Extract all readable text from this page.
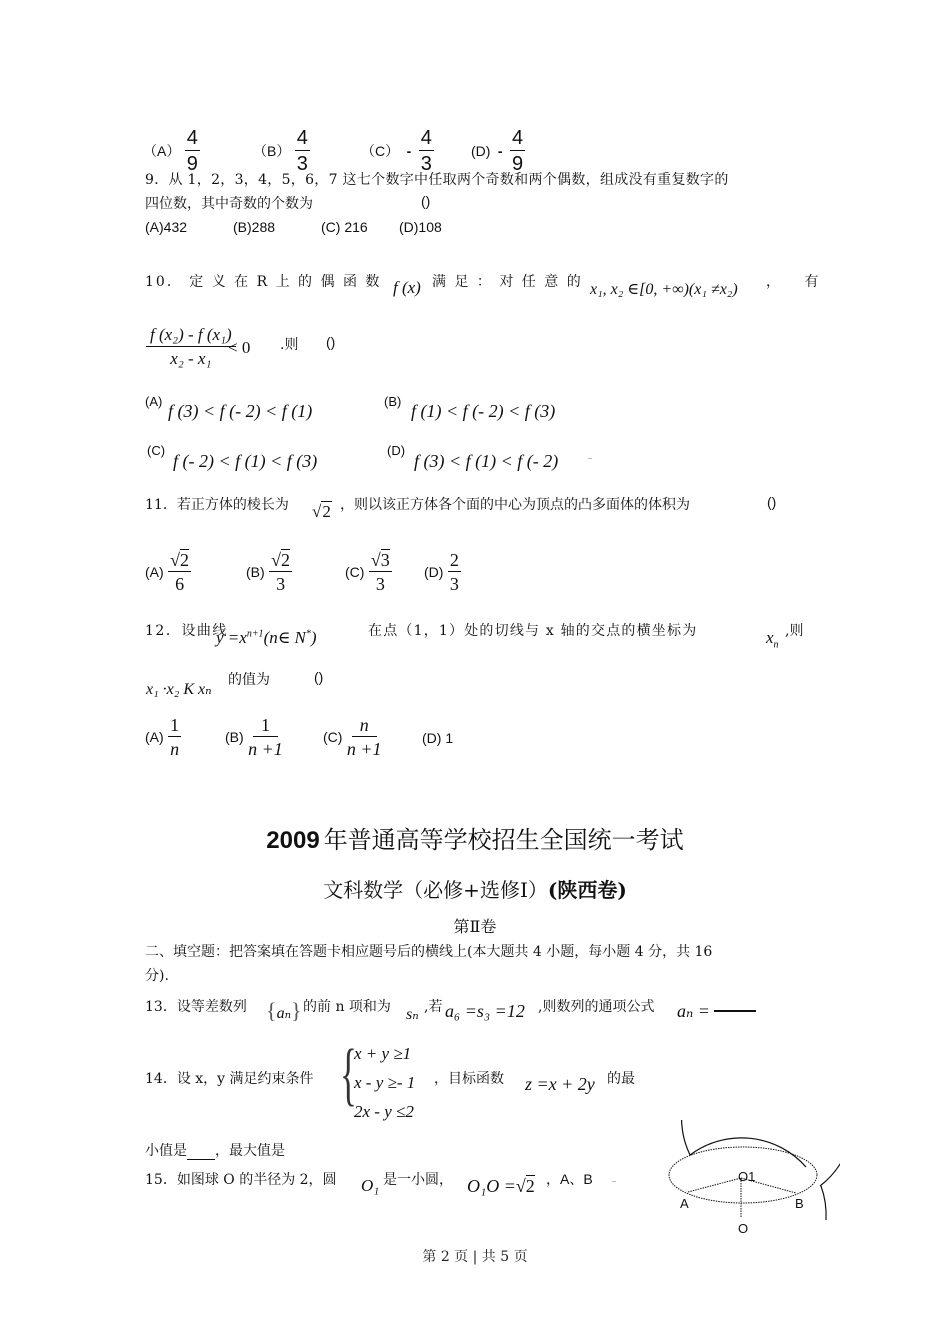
$(A) \frac{4}{9}$	$(B) \frac{4}{3}$	$(C) - \frac{4}{3}$	$(D) - \frac{4}{9}$
9．从 1，2，3，4，5，6，7 这七个数字中任取两个奇数和两个偶数，组成没有重复数字的
四位数，其中奇数的个数为	()
(A)432	(B)288	(C) 216 (D)108
10． 定 义 在 R 上 的 偶 函 数 f (x) 满 足 ： 对 任 意 的 x₁, x₂ ∈[0, +∞)(x₁ ≠x₂) ， 有
$\frac{\text{f (x₂) - f (x₁)}}{\text{x₂ - x₁}}$
< 0 .则 ()
(A) f (3) < f (- 2) < f (1)	(B) f (1) < f (- 2) < f (3)
(C)
f (- 2) < f (1) < f (3)
(D)
f (3) < f (1) < f (- 2)
11．若正方体的棱长为 √2 ，则以该正方体各个面的中心为顶点的凸多面体的体积为	()
$(A) \frac{√2}{6}$	$(B) \frac{√2}{3}$	$(C) \frac{√3}{3} (D) \frac{2}{3}$
12．设曲线
$y =x^{n+1}(n\in$ N*)	在点（1，1）处的切线与 x 轴的交点的横坐标为	$x_n$
,则
x₁ ·x₂ K xₙ
的值为	()
$(A) \frac{1}{n}$	$(B) \frac{1}{n +1}$	$(C) \frac{n}{n +1}$	(D) 1
2009 年普通高等学校招生全国统一考试
文科数学（必修+选修Ⅰ）(陕西卷)
第Ⅱ卷
二、填空题：把答案填在答题卡相应题号后的横线上(本大题共 4 小题，每小题 4 分，共 16
分).
13．设等差数列 {aₙ} 的前 n 项和为 sₙ ,若 a₆ =s₃ =12 ,则数列的通项公式 aₙ =
14．设 x，y 满足约束条件 {
x + y ≥1
x - y ≥- 1
2x - y ≤2
，目标函数 z =x + 2y 的最
小值是 ，最大值是
15．如图球 O 的半径为 2，圆 O₁ 是一小圆， O₁O =√2 ，A、B	O1
A	B
O
第 2 页 | 共 5 页
